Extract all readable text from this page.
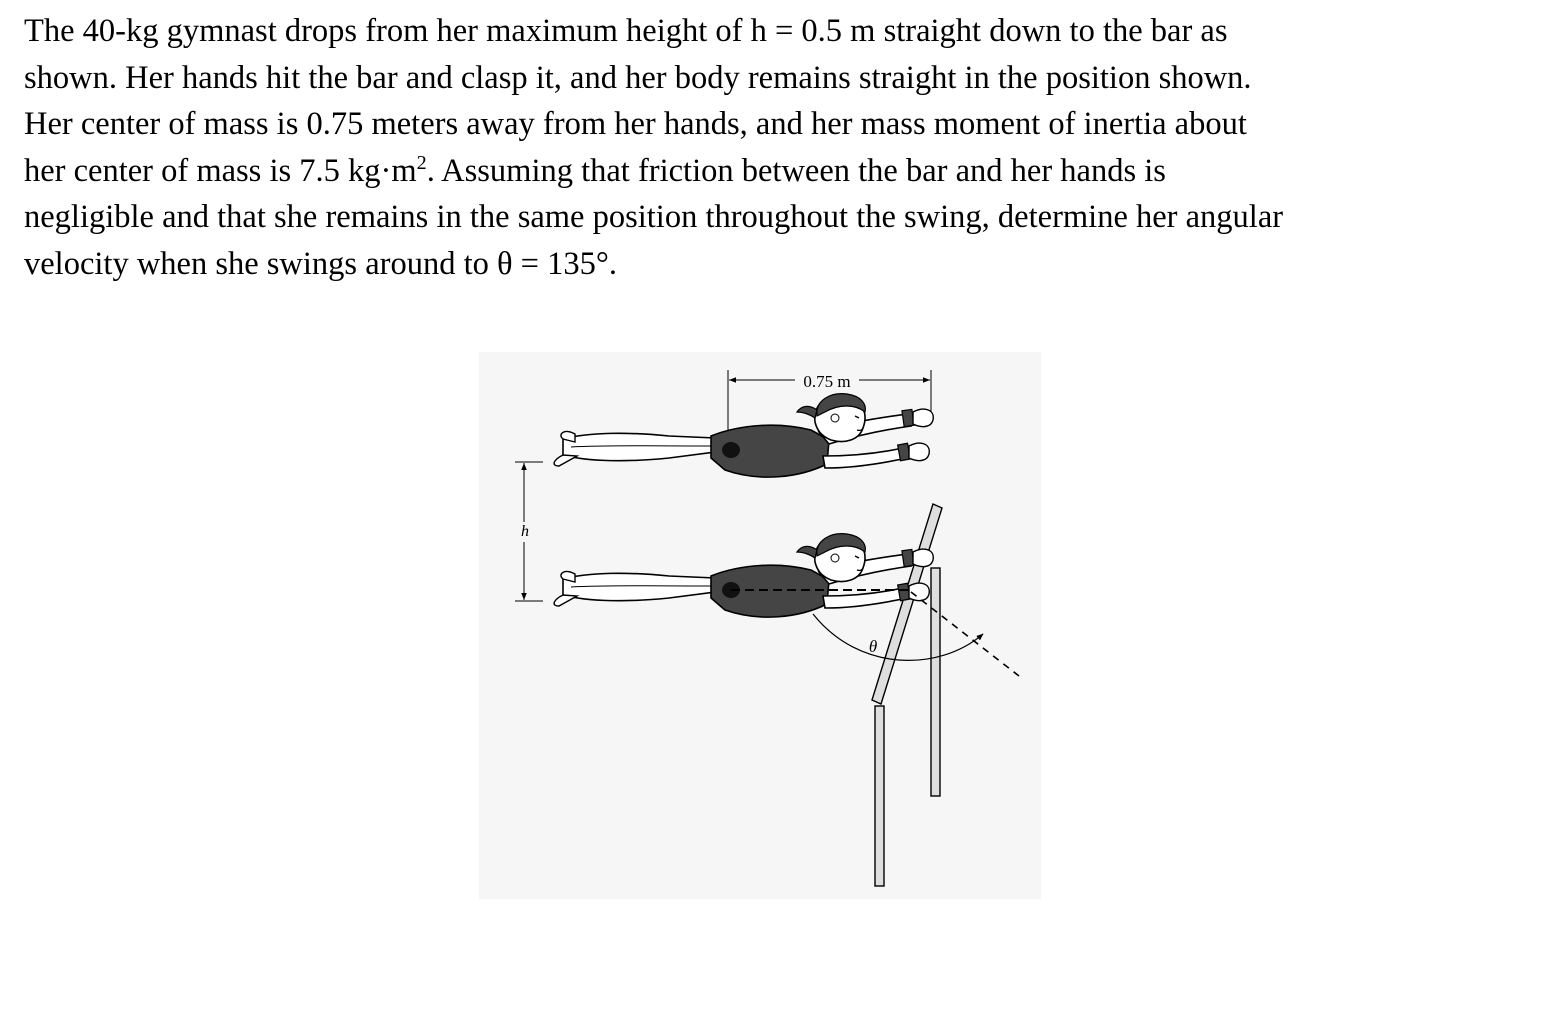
The 40-kg gymnast drops from her maximum height of h = 0.5 m straight down to the bar as
shown. Her hands hit the bar and clasp it, and her body remains straight in the position shown.
Her center of mass is 0.75 meters away from her hands, and her mass moment of inertia about
her center of mass is 7.5 $kg\cdot m^2$. Assuming that friction between the bar and her hands is
negligible and that she remains in the same position throughout the swing, determine her angular
velocity when she swings around to θ = 135°.
0.75 m
h
θ
